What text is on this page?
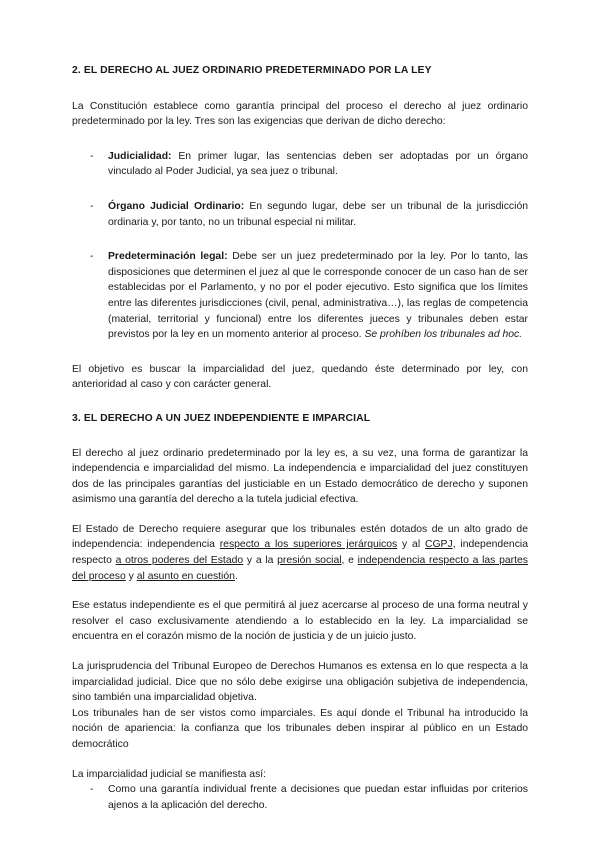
2. EL DERECHO AL JUEZ ORDINARIO PREDETERMINADO POR LA LEY

La Constitución establece como garantía principal del proceso el derecho al juez ordinario predeterminado por la ley. Tres son las exigencias que derivan de dicho derecho:

-	Judicialidad: En primer lugar, las sentencias deben ser adoptadas por un órgano vinculado al Poder Judicial, ya sea juez o tribunal.

-	Órgano Judicial Ordinario: En segundo lugar, debe ser un tribunal de la jurisdicción ordinaria y, por tanto, no un tribunal especial ni militar.

-	Predeterminación legal: Debe ser un juez predeterminado por la ley. Por lo tanto, las disposiciones que determinen el juez al que le corresponde conocer de un caso han de ser establecidas por el Parlamento, y no por el poder ejecutivo. Esto significa que los límites entre las diferentes jurisdicciones (civil, penal, administrativa…), las reglas de competencia (material, territorial y funcional) entre los diferentes jueces y tribunales deben estar previstos por la ley en un momento anterior al proceso. Se prohíben los tribunales ad hoc.

El objetivo es buscar la imparcialidad del juez, quedando éste determinado por ley, con anterioridad al caso y con carácter general.

3. EL DERECHO A UN JUEZ INDEPENDIENTE E IMPARCIAL

El derecho al juez ordinario predeterminado por la ley es, a su vez, una forma de garantizar la independencia e imparcialidad del mismo. La independencia e imparcialidad del juez constituyen dos de las principales garantías del justiciable en un Estado democrático de derecho y suponen asimismo una garantía del derecho a la tutela judicial efectiva.

El Estado de Derecho requiere asegurar que los tribunales estén dotados de un alto grado de independencia: independencia respecto a los superiores jerárquicos y al CGPJ, independencia respecto a otros poderes del Estado y a la presión social, e independencia respecto a las partes del proceso y al asunto en cuestión.

Ese estatus independiente es el que permitirá al juez acercarse al proceso de una forma neutral y resolver el caso exclusivamente atendiendo a lo establecido en la ley. La imparcialidad se encuentra en el corazón mismo de la noción de justicia y de un juicio justo.

La jurisprudencia del Tribunal Europeo de Derechos Humanos es extensa en lo que respecta a la imparcialidad judicial. Dice que no sólo debe exigirse una obligación subjetiva de independencia, sino también una imparcialidad objetiva.

Los tribunales han de ser vistos como imparciales. Es aquí donde el Tribunal ha introducido la noción de apariencia: la confianza que los tribunales deben inspirar al público en un Estado democrático

La imparcialidad judicial se manifiesta así:

-	Como una garantía individual frente a decisiones que puedan estar influidas por criterios ajenos a la aplicación del derecho.
